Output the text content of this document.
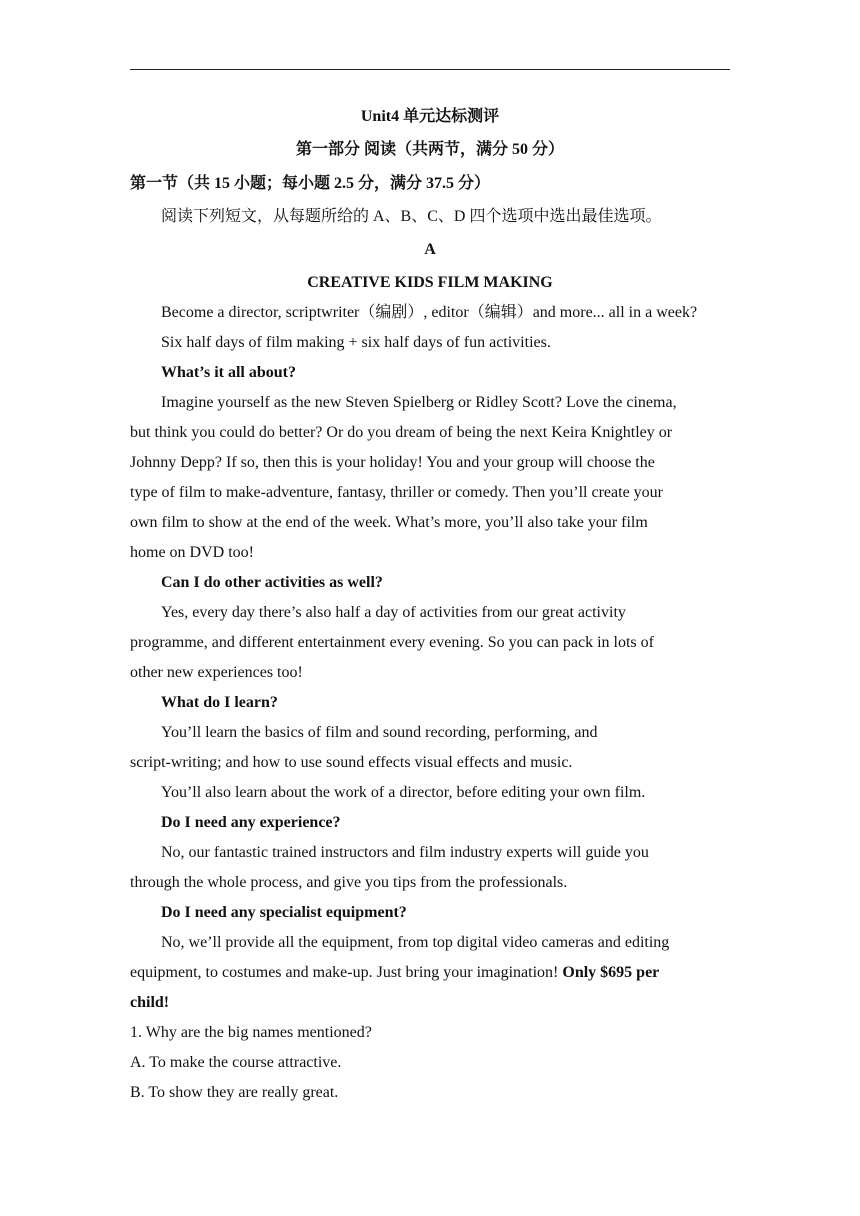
Unit4 单元达标测评
第一部分 阅读（共两节，满分 50 分）
第一节（共 15 小题；每小题 2.5 分，满分 37.5 分）
阅读下列短文，从每题所给的 A、B、C、D 四个选项中选出最佳选项。
A
CREATIVE KIDS FILM MAKING
Become a director, scriptwriter（编剧）, editor（编辑）and more... all in a week?
Six half days of film making + six half days of fun activities.
What’s it all about?
Imagine yourself as the new Steven Spielberg or Ridley Scott? Love the cinema,
but think you could do better? Or do you dream of being the next Keira Knightley or
Johnny Depp? If so, then this is your holiday! You and your group will choose the
type of film to make-adventure, fantasy, thriller or comedy. Then you’ll create your
own film to show at the end of the week. What’s more, you’ll also take your film
home on DVD too!
Can I do other activities as well?
Yes, every day there’s also half a day of activities from our great activity
programme, and different entertainment every evening. So you can pack in lots of
other new experiences too!
What do I learn?
You’ll learn the basics of film and sound recording, performing, and
script-writing; and how to use sound effects visual effects and music.
You’ll also learn about the work of a director, before editing your own film.
Do I need any experience?
No, our fantastic trained instructors and film industry experts will guide you
through the whole process, and give you tips from the professionals.
Do I need any specialist equipment?
No, we’ll provide all the equipment, from top digital video cameras and editing
equipment, to costumes and make-up. Just bring your imagination! Only $695 per
child!
1. Why are the big names mentioned?
A. To make the course attractive.
B. To show they are really great.
